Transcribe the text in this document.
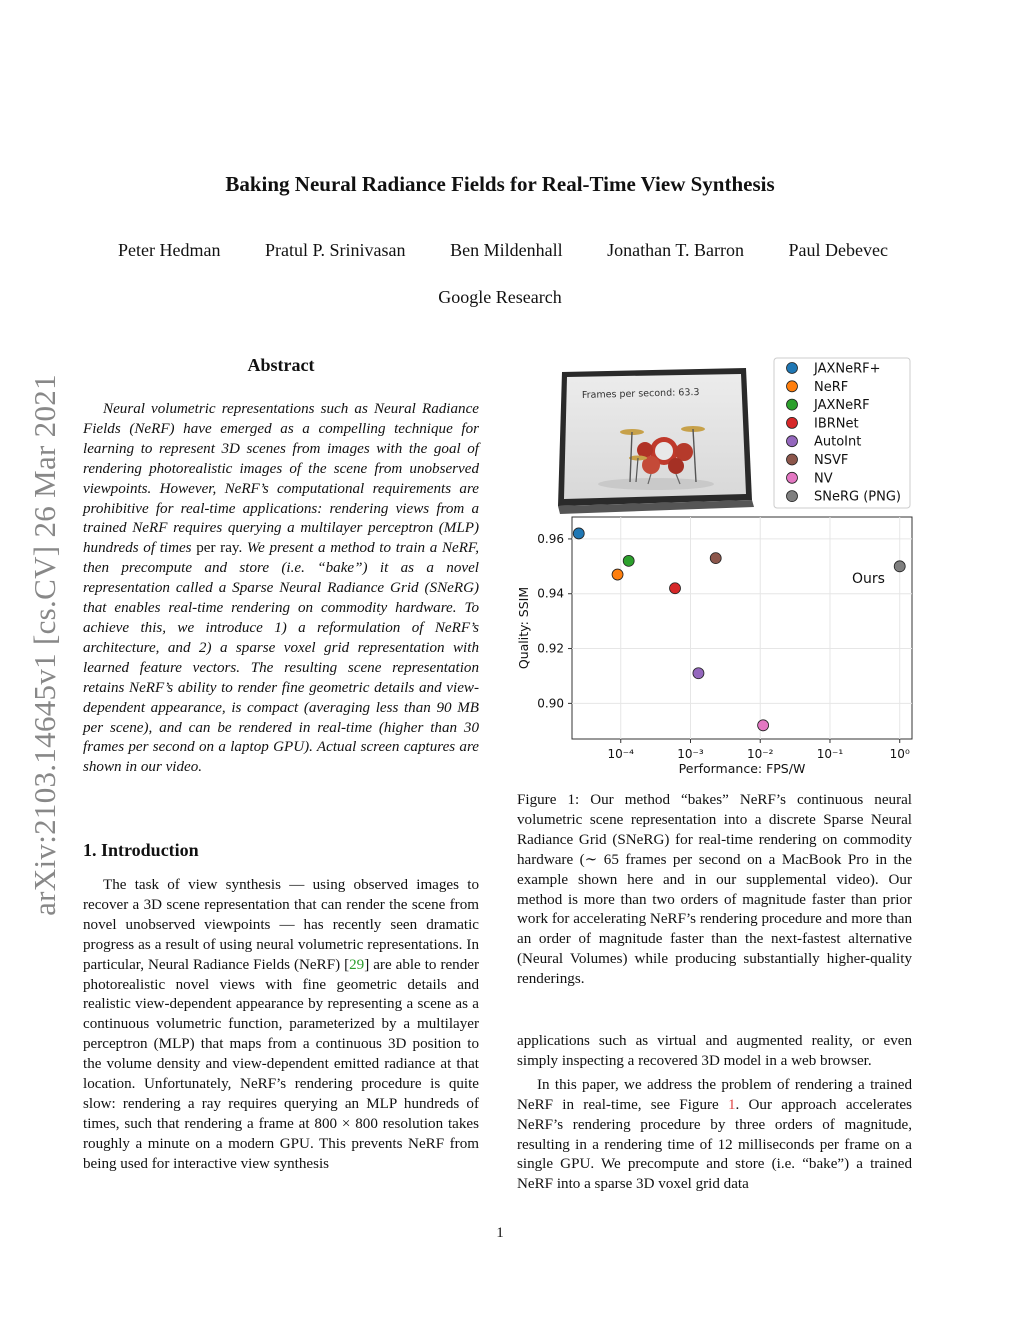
arXiv:2103.14645v1 [cs.CV] 26 Mar 2021
Baking Neural Radiance Fields for Real-Time View Synthesis
Peter Hedman Pratul P. Srinivasan Ben Mildenhall Jonathan T. Barron Paul Debevec
Google Research
Abstract

Neural volumetric representations such as Neural Radiance Fields (NeRF) have emerged as a compelling technique for learning to represent 3D scenes from images with the goal of rendering photorealistic images of the scene from unobserved viewpoints. However, NeRF’s computational requirements are prohibitive for real-time applications: rendering views from a trained NeRF requires querying a multilayer perceptron (MLP) hundreds of times per ray. We present a method to train a NeRF, then precompute and store (i.e. “bake”) it as a novel representation called a Sparse Neural Radiance Grid (SNeRG) that enables real-time rendering on commodity hardware. To achieve this, we introduce 1) a reformulation of NeRF’s architecture, and 2) a sparse voxel grid representation with learned feature vectors. The resulting scene representation retains NeRF’s ability to render fine geometric details and view-dependent appearance, is compact (averaging less than 90 MB per scene), and can be rendered in real-time (higher than 30 frames per second on a laptop GPU). Actual screen captures are shown in our video.

1. Introduction

The task of view synthesis — using observed images to recover a 3D scene representation that can render the scene from novel unobserved viewpoints — has recently seen dramatic progress as a result of using neural volumetric representations. In particular, Neural Radiance Fields (NeRF) [29] are able to render photorealistic novel views with fine geometric details and realistic view-dependent appearance by representing a scene as a continuous volumetric function, parameterized by a multilayer perceptron (MLP) that maps from a continuous 3D position to the volume density and view-dependent emitted radiance at that location. Unfortunately, NeRF’s rendering procedure is quite slow: rendering a ray requires querying an MLP hundreds of times, such that rendering a frame at 800 × 800 resolution takes roughly a minute on a modern GPU. This prevents NeRF from being used for interactive view synthesis

Frames per second: 63.3
10⁻⁴	10⁻³	10⁻²	10⁻¹	10⁰
0.90
0.92
0.94
0.96
Ours
Performance: FPS/W
Quality: SSIM
JAXNeRF+
NeRF
JAXNeRF
IBRNet
AutoInt
NSVF
NV
SNeRG (PNG)

Figure 1: Our method “bakes” NeRF’s continuous neural volumetric scene representation into a discrete Sparse Neural Radiance Grid (SNeRG) for real-time rendering on commodity hardware (∼ 65 frames per second on a MacBook Pro in the example shown here and in our supplemental video). Our method is more than two orders of magnitude faster than prior work for accelerating NeRF’s rendering procedure and more than an order of magnitude faster than the next-fastest alternative (Neural Volumes) while producing substantially higher-quality renderings.

applications such as virtual and augmented reality, or even simply inspecting a recovered 3D model in a web browser.

In this paper, we address the problem of rendering a trained NeRF in real-time, see Figure 1. Our approach accelerates NeRF’s rendering procedure by three orders of magnitude, resulting in a rendering time of 12 milliseconds per frame on a single GPU. We precompute and store (i.e. “bake”) a trained NeRF into a sparse 3D voxel grid data

1
